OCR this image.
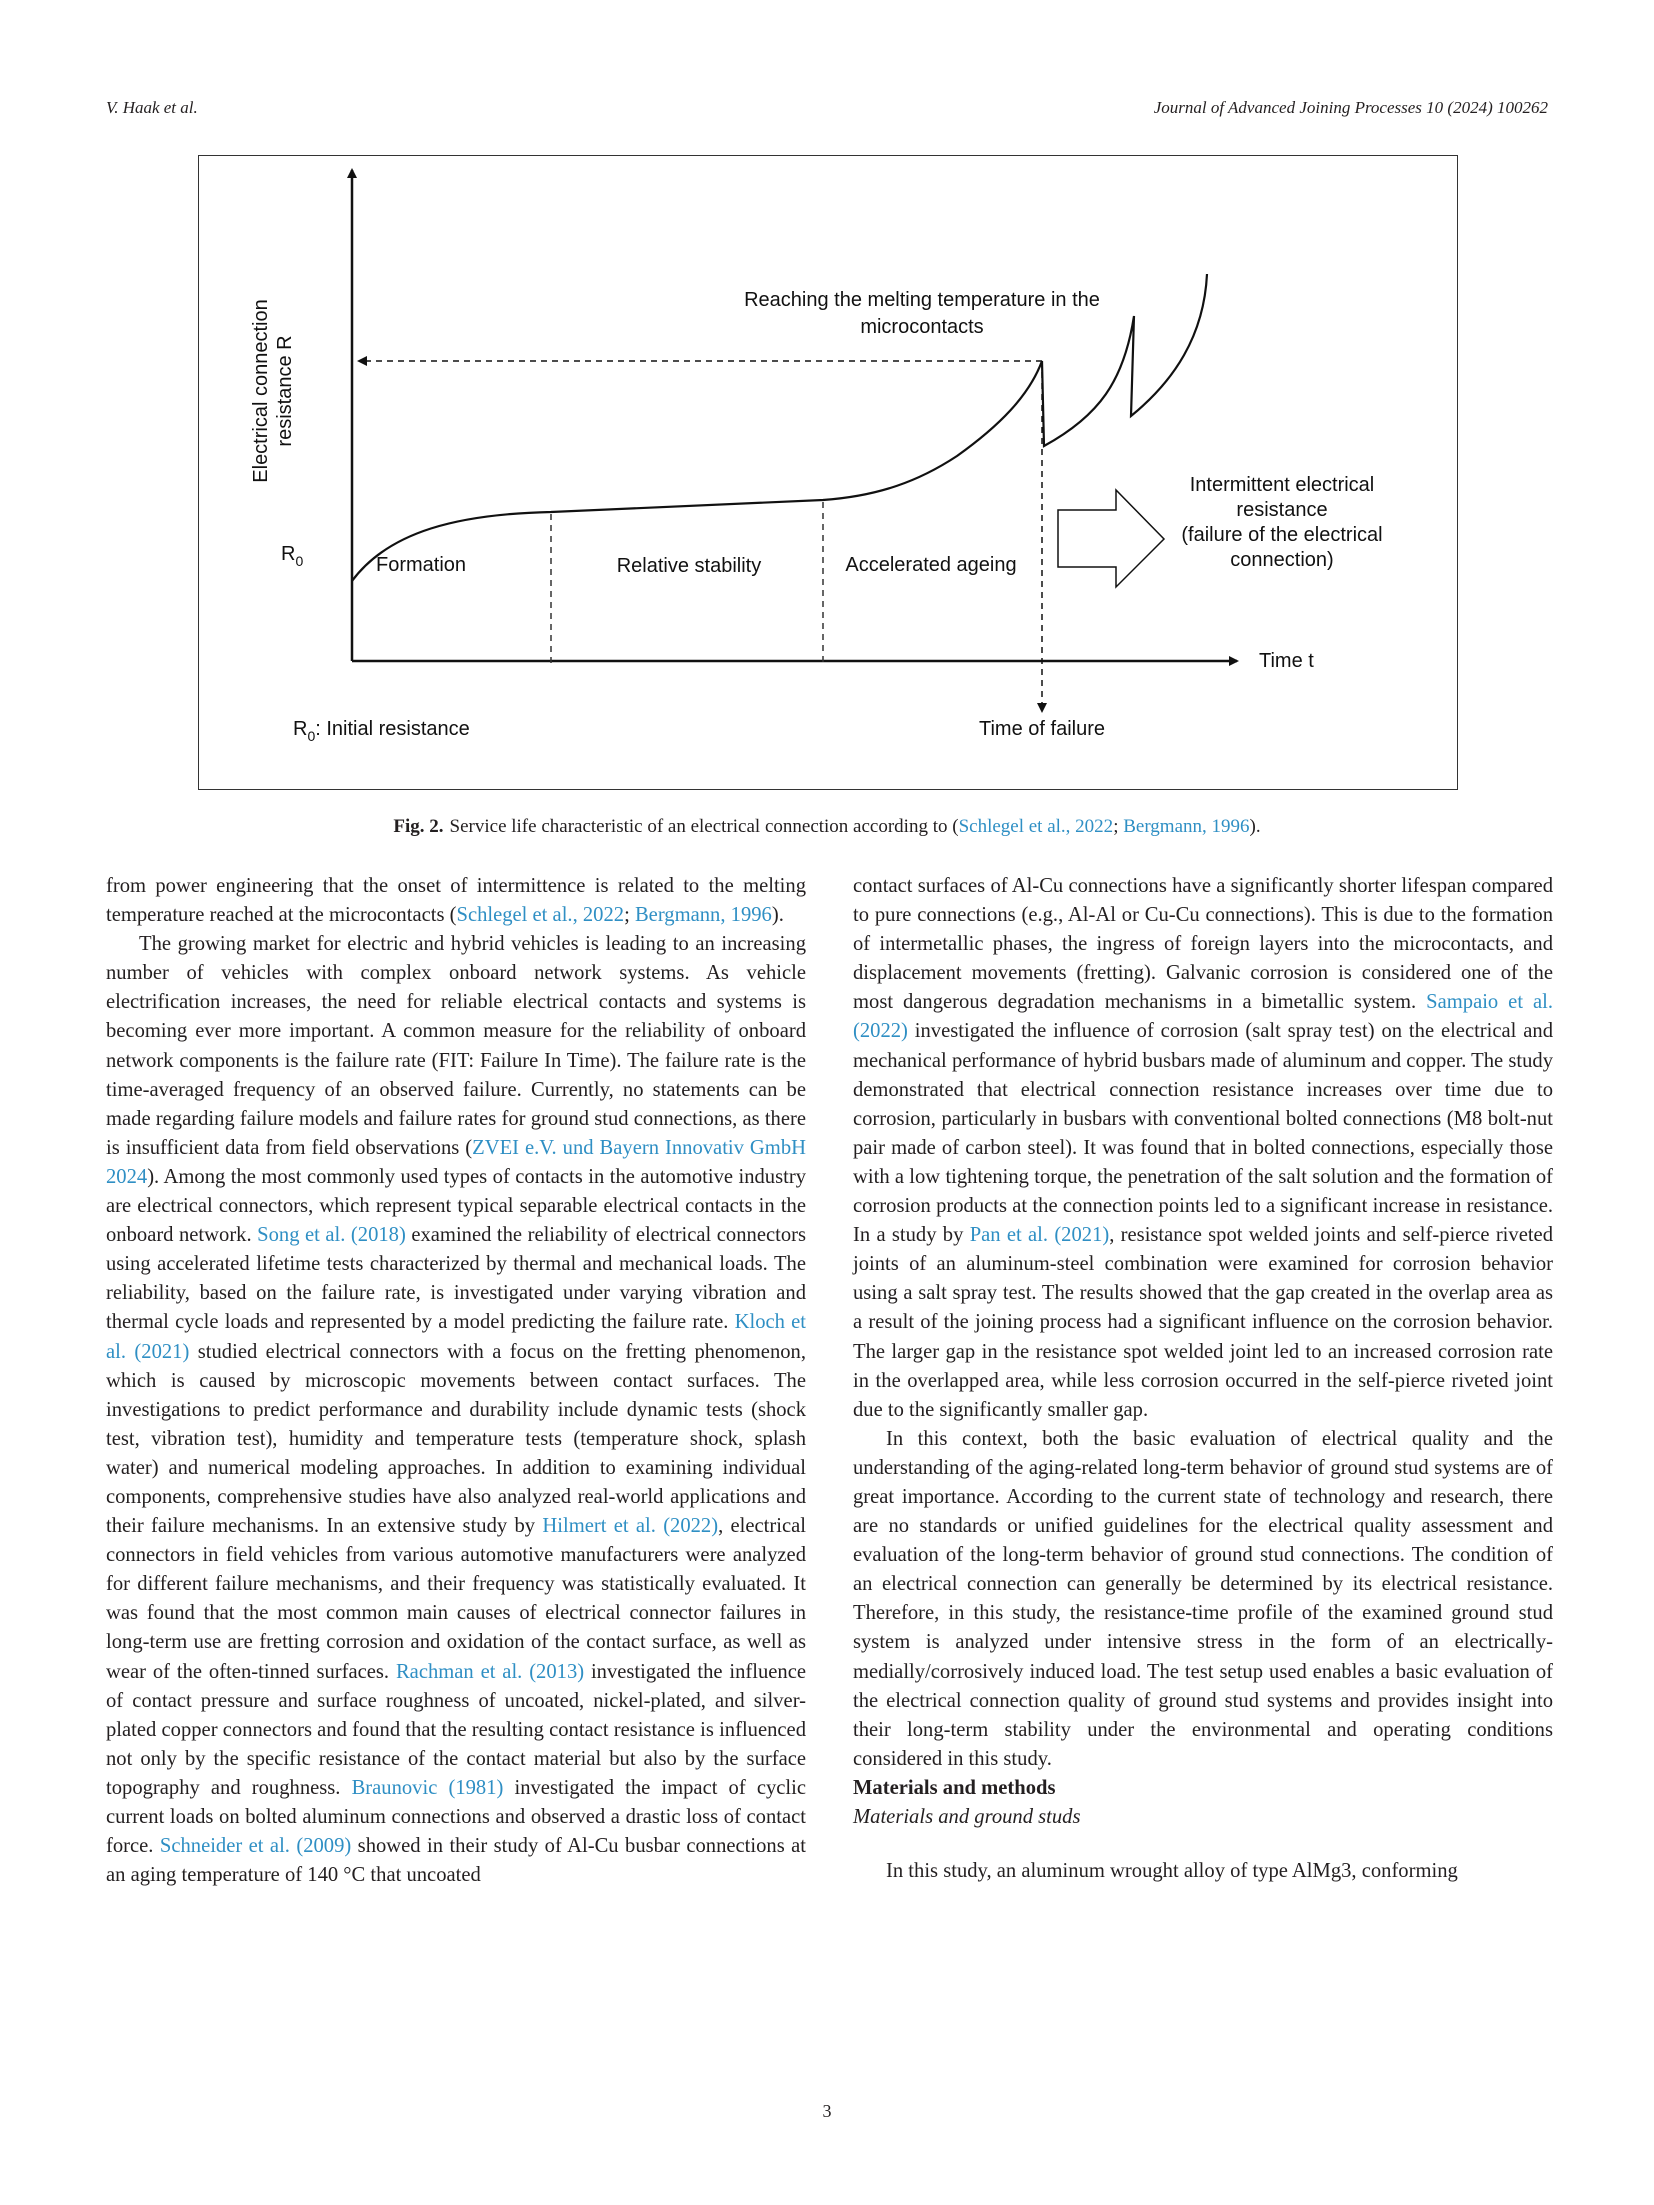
V. Haak et al.	Journal of Advanced Joining Processes 10 (2024) 100262
Electrical connection resistance R
$R_0$	Formation	Relative stability	Accelerated ageing
Reaching the melting temperature in the
microcontacts
Intermittent electrical
resistance
(failure of the electrical
connection)
Time t
Time of failure
$R_0$: Initial resistance
Fig. 2. Service life characteristic of an electrical connection according to (Schlegel et al., 2022; Bergmann, 1996).

from power engineering that the onset of intermittence is related to the melting temperature reached at the microcontacts (Schlegel et al., 2022; Bergmann, 1996).

The growing market for electric and hybrid vehicles is leading to an increasing number of vehicles with complex onboard network systems. As vehicle electrification increases, the need for reliable electrical contacts and systems is becoming ever more important. A common measure for the reliability of onboard network components is the failure rate (FIT: Failure In Time). The failure rate is the time-averaged frequency of an observed failure. Currently, no statements can be made regarding failure models and failure rates for ground stud connections, as there is insufficient data from field observations (ZVEI e.V. und Bayern Innovativ GmbH 2024). Among the most commonly used types of contacts in the automotive industry are electrical connectors, which represent typical separable electrical contacts in the onboard network. Song et al. (2018) examined the reliability of electrical connectors using accelerated lifetime tests characterized by thermal and mechanical loads. The reliability, based on the failure rate, is investigated under varying vibration and thermal cycle loads and represented by a model predicting the failure rate. Kloch et al. (2021) studied electrical connectors with a focus on the fretting phenomenon, which is caused by microscopic movements between contact surfaces. The investigations to predict performance and durability include dynamic tests (shock test, vibration test), humidity and temperature tests (temperature shock, splash water) and numerical modeling approaches. In addition to examining individual components, comprehensive studies have also analyzed real-world applications and their failure mechanisms. In an extensive study by Hilmert et al. (2022), electrical connectors in field vehicles from various automotive manufacturers were analyzed for different failure mechanisms, and their frequency was statistically evaluated. It was found that the most common main causes of electrical connector failures in long-term use are fretting corrosion and oxidation of the contact surface, as well as wear of the often-tinned surfaces. Rachman et al. (2013) investigated the influence of contact pressure and surface roughness of uncoated, nickel-plated, and silver-plated copper connectors and found that the resulting contact resistance is influenced not only by the specific resistance of the contact material but also by the surface topography and roughness. Braunovic (1981) investigated the impact of cyclic current loads on bolted aluminum connections and observed a drastic loss of contact force. Schneider et al. (2009) showed in their study of Al-Cu busbar connections at an aging temperature of 140 °C that uncoated

contact surfaces of Al-Cu connections have a significantly shorter lifespan compared to pure connections (e.g., Al-Al or Cu-Cu connections). This is due to the formation of intermetallic phases, the ingress of foreign layers into the microcontacts, and displacement movements (fretting). Galvanic corrosion is considered one of the most dangerous degradation mechanisms in a bimetallic system. Sampaio et al. (2022) investigated the influence of corrosion (salt spray test) on the electrical and mechanical performance of hybrid busbars made of aluminum and copper. The study demonstrated that electrical connection resistance increases over time due to corrosion, particularly in busbars with conventional bolted connections (M8 bolt-nut pair made of carbon steel). It was found that in bolted connections, especially those with a low tightening torque, the penetration of the salt solution and the formation of corrosion products at the connection points led to a significant increase in resistance. In a study by Pan et al. (2021), resistance spot welded joints and self-pierce riveted joints of an aluminum-steel combination were examined for corrosion behavior using a salt spray test. The results showed that the gap created in the overlap area as a result of the joining process had a significant influence on the corrosion behavior. The larger gap in the resistance spot welded joint led to an increased corrosion rate in the overlapped area, while less corrosion occurred in the self-pierce riveted joint due to the significantly smaller gap.

In this context, both the basic evaluation of electrical quality and the understanding of the aging-related long-term behavior of ground stud systems are of great importance. According to the current state of technology and research, there are no standards or unified guidelines for the electrical quality assessment and evaluation of the long-term behavior of ground stud connections. The condition of an electrical connection can generally be determined by its electrical resistance. Therefore, in this study, the resistance-time profile of the examined ground stud system is analyzed under intensive stress in the form of an electrically-medially/corrosively induced load. The test setup used enables a basic evaluation of the electrical connection quality of ground stud systems and provides insight into their long-term stability under the environmental and operating conditions considered in this study.

Materials and methods

Materials and ground studs

In this study, an aluminum wrought alloy of type AlMg3, conforming

3
